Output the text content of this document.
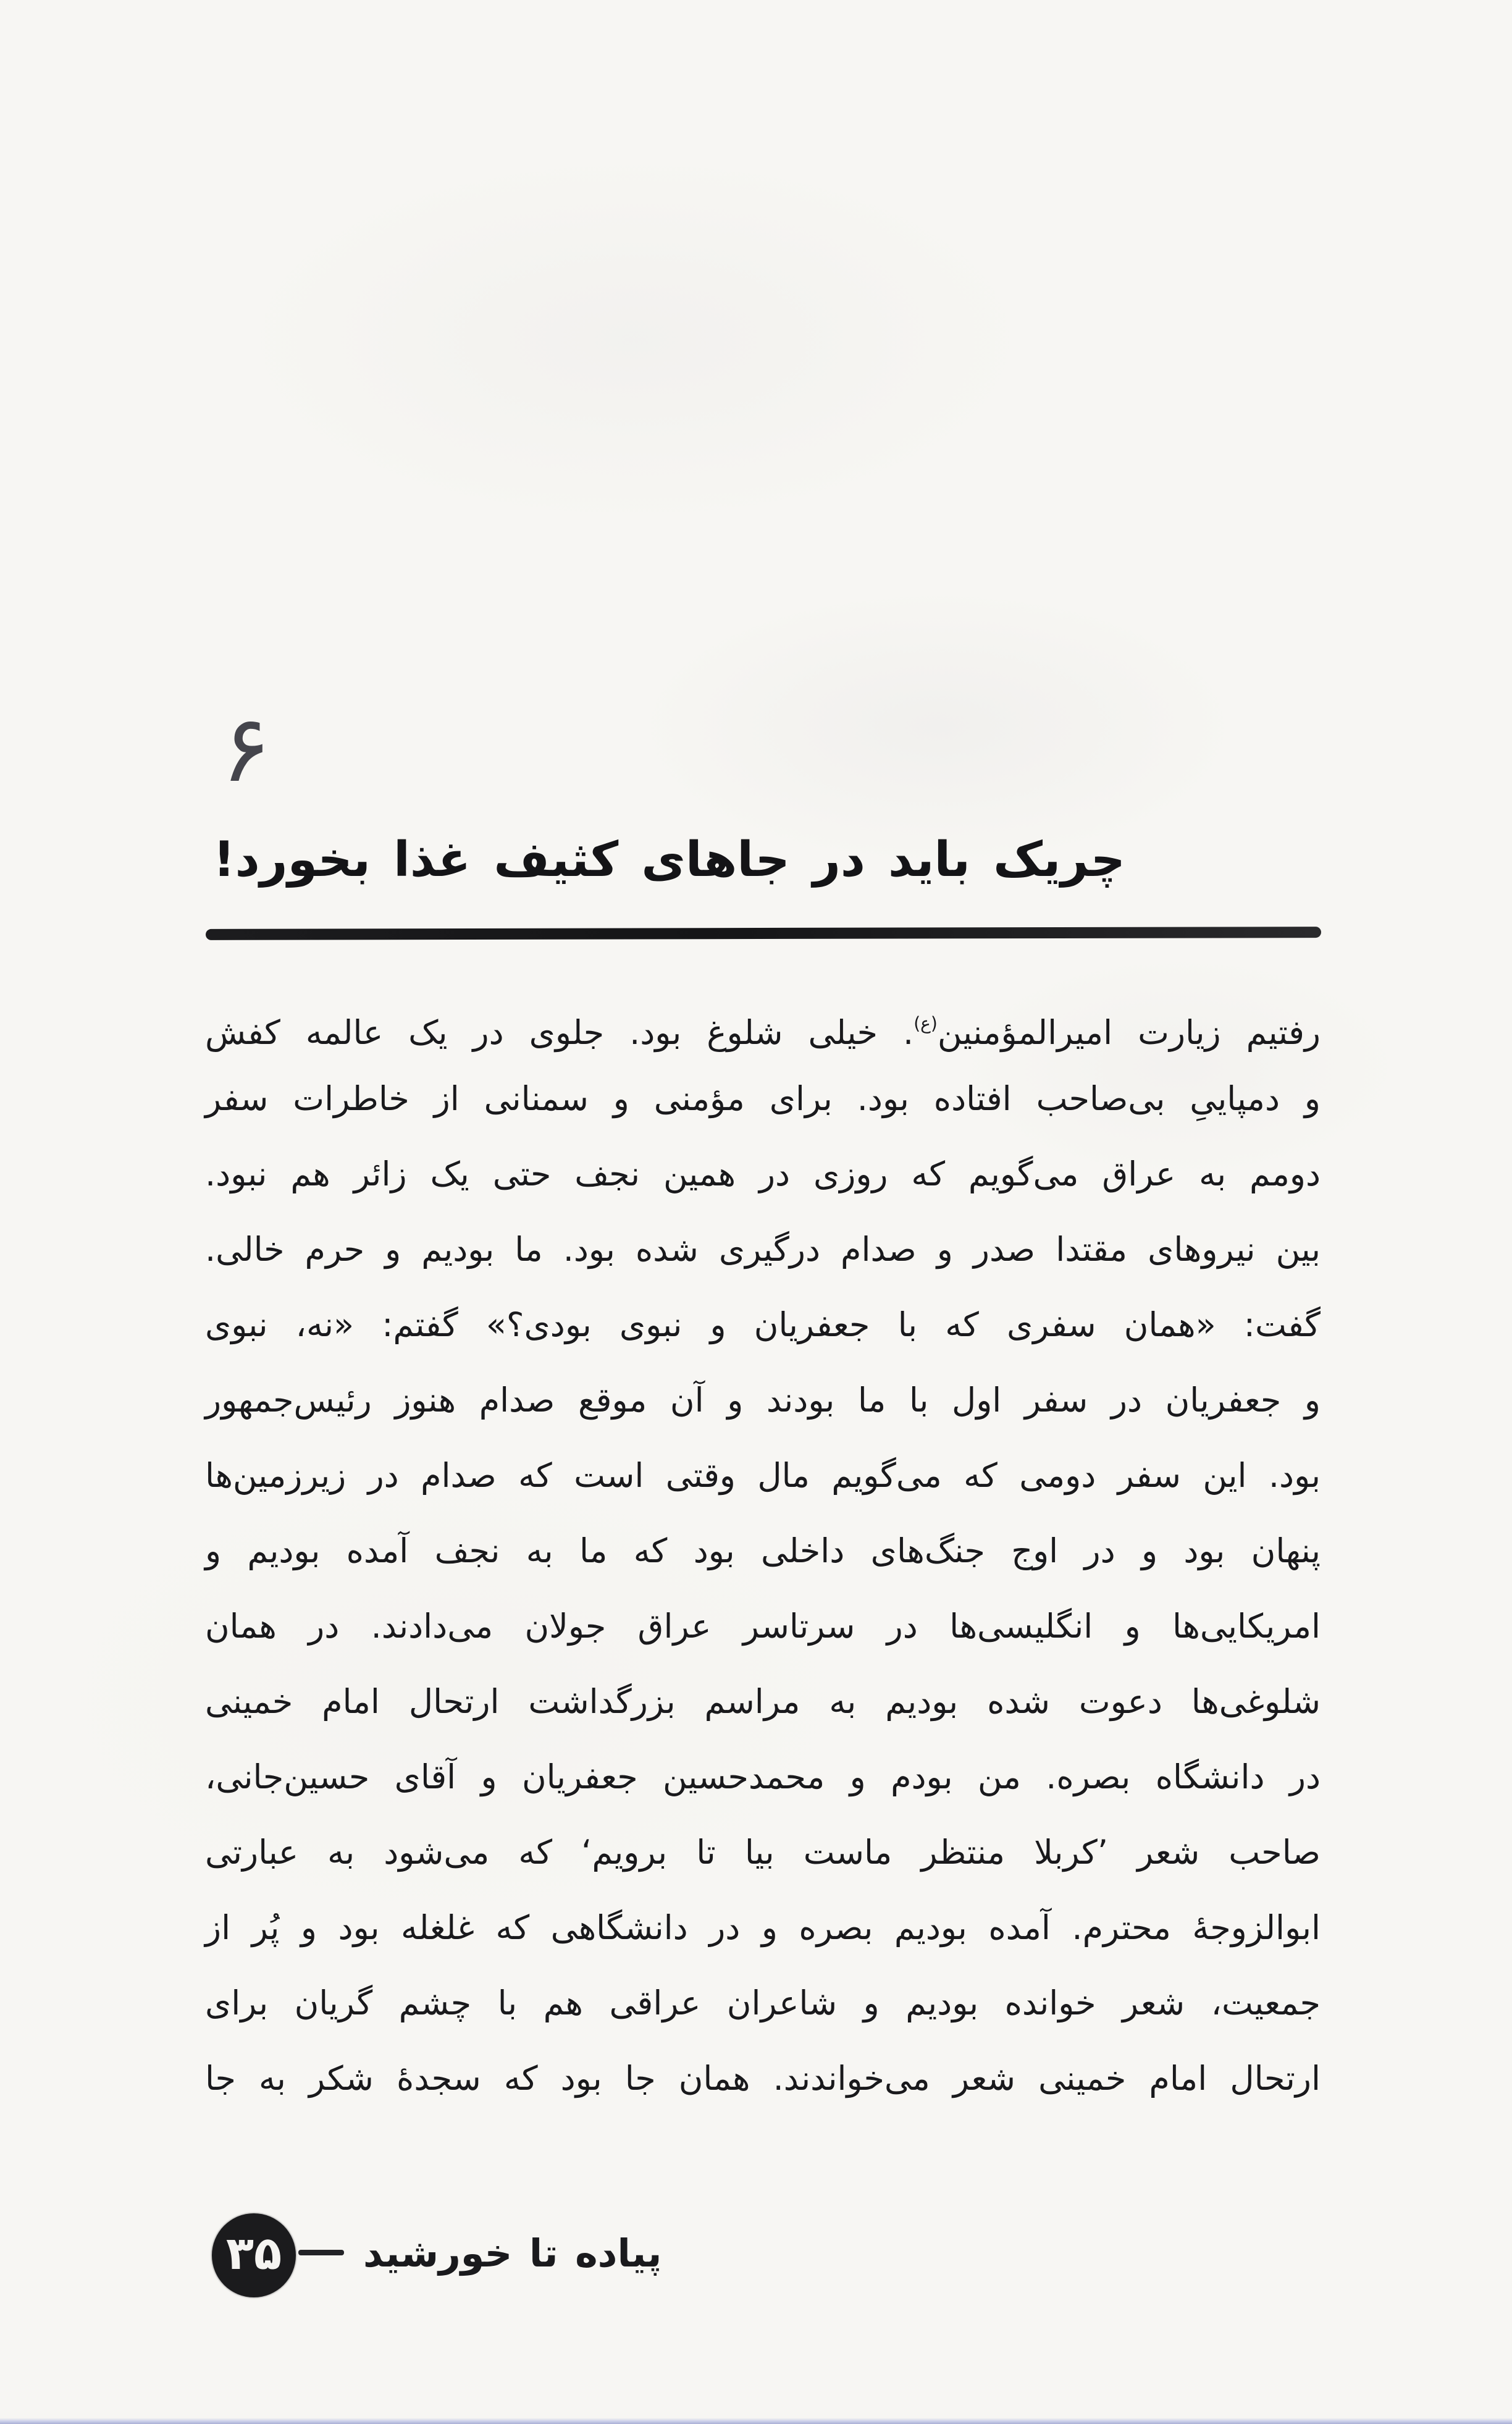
۶
چریک باید در جاهای کثیف غذا بخورد!
رفتیم زیارت امیرالمؤمنین$^{(ع)}$. خیلی شلوغ بود. جلوی در یک عالمه کفش
و دمپاییِ بی‌صاحب افتاده بود. برای مؤمنی و سمنانی از خاطرات سفر
دومم به عراق می‌گویم که روزی در همین نجف حتی یک زائر هم نبود.
بین نیروهای مقتدا صدر و صدام درگیری شده بود. ما بودیم و حرم خالی.
گفت: «همان سفری که با جعفریان و نبوی بودی؟» گفتم: «نه، نبوی
و جعفریان در سفر اول با ما بودند و آن موقع صدام هنوز رئیس‌جمهور
بود. این سفر دومی که می‌گویم مال وقتی است که صدام در زیرزمین‌ها
پنهان بود و در اوج جنگ‌های داخلی بود که ما به نجف آمده بودیم و
امریکایی‌ها و انگلیسی‌ها در سرتاسر عراق جولان می‌دادند. در همان
شلوغی‌ها دعوت شده بودیم به مراسم بزرگداشت ارتحال امام خمینی
در دانشگاه بصره. من بودم و محمدحسین جعفریان و آقای حسین‌جانی،
صاحب شعر ’کربلا منتظر ماست بیا تا برویم‘ که می‌شود به عبارتی
ابوالزوجهٔ محترم. آمده بودیم بصره و در دانشگاهی که غلغله بود و پُر از
جمعیت، شعر خوانده بودیم و شاعران عراقی هم با چشم گریان برای
ارتحال امام خمینی شعر می‌خواندند. همان جا بود که سجدهٔ شکر به جا
۳۵ پیاده تا خورشید
